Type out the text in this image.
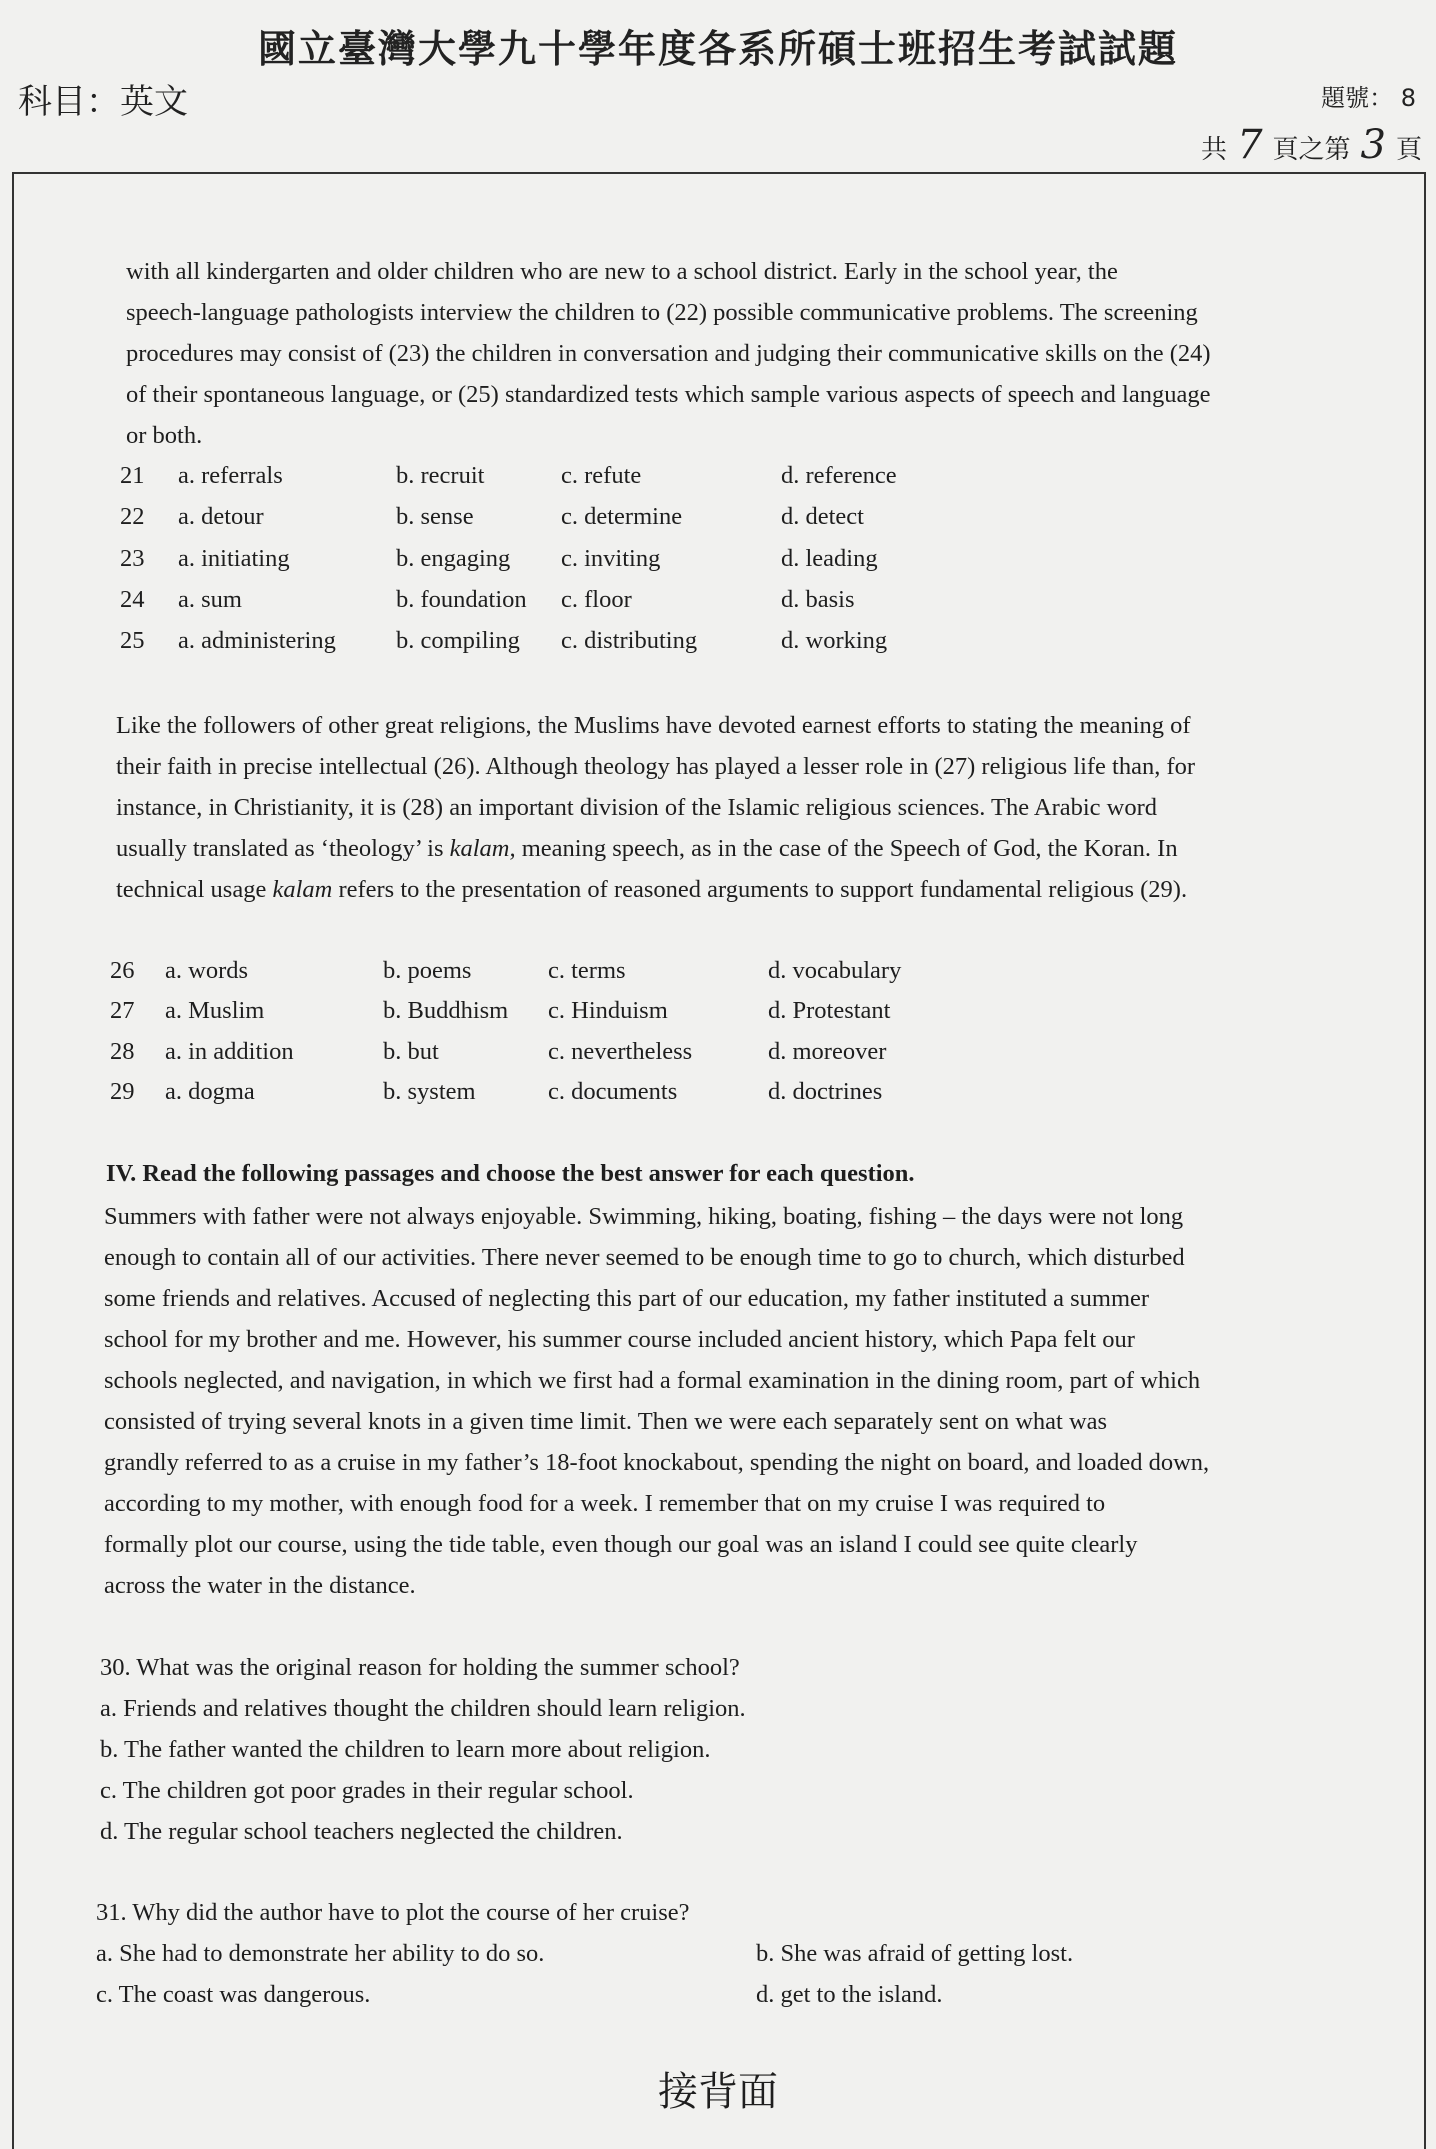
國立臺灣大學九十學年度各系所碩士班招生考試試題
科目：英文	題號： 8
共 7 頁之第 3 頁
with all kindergarten and older children who are new to a school district. Early in the school year, the
speech-language pathologists interview the children to (22) possible communicative problems. The screening
procedures may consist of (23) the children in conversation and judging their communicative skills on the (24)
of their spontaneous language, or (25) standardized tests which sample various aspects of speech and language
or both.
21	a. referrals	b. recruit	c. refute	d. reference
22	a. detour	b. sense	c. determine	d. detect
23	a. initiating	b. engaging	c. inviting	d. leading
24	a. sum	b. foundation	c. floor	d. basis
25	a. administering	b. compiling	c. distributing	d. working
Like the followers of other great religions, the Muslims have devoted earnest efforts to stating the meaning of
their faith in precise intellectual (26). Although theology has played a lesser role in (27) religious life than, for
instance, in Christianity, it is (28) an important division of the Islamic religious sciences. The Arabic word
usually translated as ‘theology’ is kalam, meaning speech, as in the case of the Speech of God, the Koran. In
technical usage kalam refers to the presentation of reasoned arguments to support fundamental religious (29).
26	a. words	b. poems	c. terms	d. vocabulary
27	a. Muslim	b. Buddhism	c. Hinduism	d. Protestant
28	a. in addition	b. but	c. nevertheless	d. moreover
29	a. dogma	b. system	c. documents	d. doctrines
IV. Read the following passages and choose the best answer for each question.
Summers with father were not always enjoyable. Swimming, hiking, boating, fishing – the days were not long
enough to contain all of our activities. There never seemed to be enough time to go to church, which disturbed
some friends and relatives. Accused of neglecting this part of our education, my father instituted a summer
school for my brother and me. However, his summer course included ancient history, which Papa felt our
schools neglected, and navigation, in which we first had a formal examination in the dining room, part of which
consisted of trying several knots in a given time limit. Then we were each separately sent on what was
grandly referred to as a cruise in my father’s 18-foot knockabout, spending the night on board, and loaded down,
according to my mother, with enough food for a week. I remember that on my cruise I was required to
formally plot our course, using the tide table, even though our goal was an island I could see quite clearly
across the water in the distance.
30. What was the original reason for holding the summer school?
a. Friends and relatives thought the children should learn religion.
b. The father wanted the children to learn more about religion.
c. The children got poor grades in their regular school.
d. The regular school teachers neglected the children.
31. Why did the author have to plot the course of her cruise?
a. She had to demonstrate her ability to do so.	b. She was afraid of getting lost.
c. The coast was dangerous.	d. get to the island.
接背面
